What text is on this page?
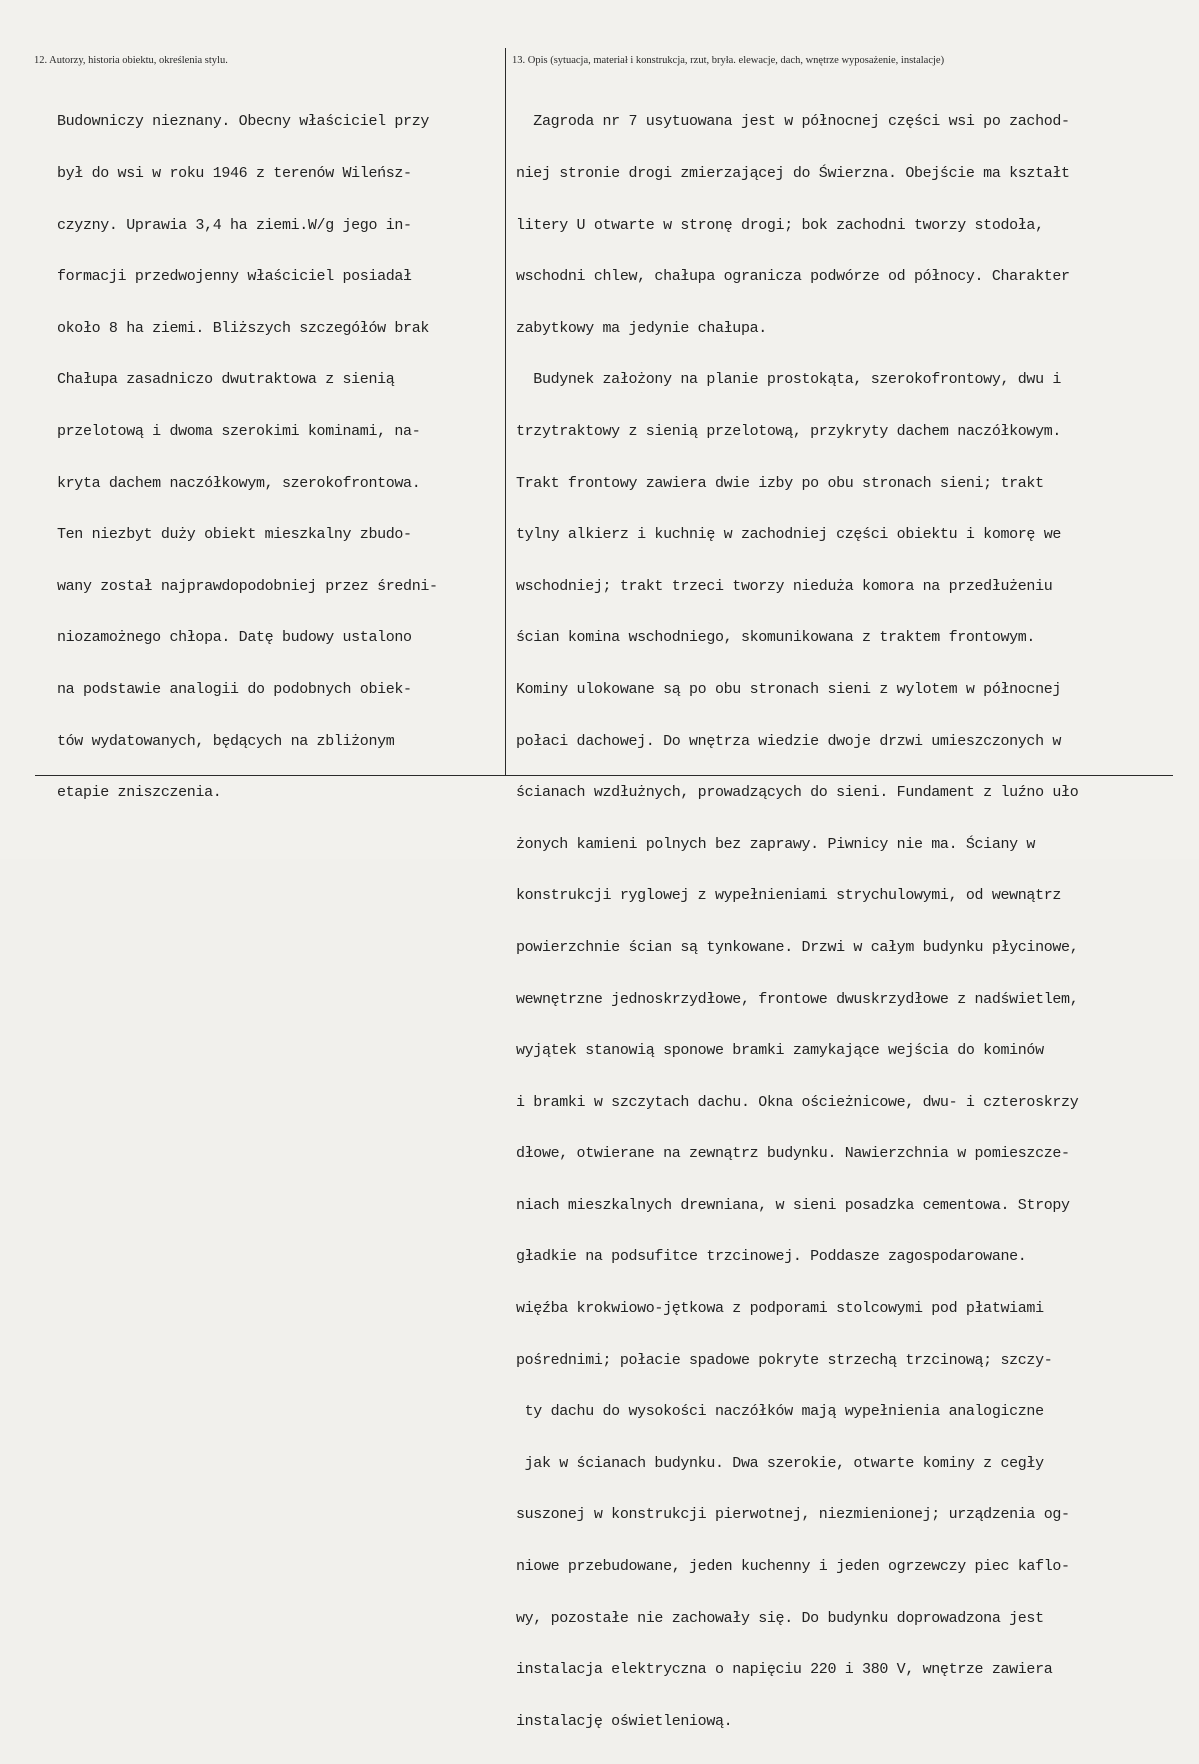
12. Autorzy, historia obiektu, określenia stylu.	13. Opis (sytuacja, materiał i konstrukcja, rzut, bryła. elewacje, dach, wnętrze wyposażenie, instalacje)

Budowniczy nieznany. Obecny właściciel przy

był do wsi w roku 1946 z terenów Wileńsz-

czyzny. Uprawia 3,4 ha ziemi.W/g jego in-

formacji przedwojenny właściciel posiadał

około 8 ha ziemi. Bliższych szczegółów brak

Chałupa zasadniczo dwutraktowa z sienią

przelotową i dwoma szerokimi kominami, na-

kryta dachem naczółkowym, szerokofrontowa.

Ten niezbyt duży obiekt mieszkalny zbudo-

wany został najprawdopodobniej przez średni-

niozamożnego chłopa. Datę budowy ustalono

na podstawie analogii do podobnych obiek-

tów wydatowanych, będących na zbliżonym

etapie zniszczenia.

Zagroda nr 7 usytuowana jest w północnej części wsi po zachod-

niej stronie drogi zmierzającej do Świerzna. Obejście ma kształt

litery U otwarte w stronę drogi; bok zachodni tworzy stodoła,

wschodni chlew, chałupa ogranicza podwórze od północy. Charakter

zabytkowy ma jedynie chałupa.

Budynek założony na planie prostokąta, szerokofrontowy, dwu i

trzytraktowy z sienią przelotową, przykryty dachem naczółkowym.

Trakt frontowy zawiera dwie izby po obu stronach sieni; trakt

tylny alkierz i kuchnię w zachodniej części obiektu i komorę we

wschodniej; trakt trzeci tworzy nieduża komora na przedłużeniu

ścian komina wschodniego, skomunikowana z traktem frontowym.

Kominy ulokowane są po obu stronach sieni z wylotem w północnej

połaci dachowej. Do wnętrza wiedzie dwoje drzwi umieszczonych w

ścianach wzdłużnych, prowadzących do sieni. Fundament z luźno uło

żonych kamieni polnych bez zaprawy. Piwnicy nie ma. Ściany w

konstrukcji ryglowej z wypełnieniami strychulowymi, od wewnątrz

powierzchnie ścian są tynkowane. Drzwi w całym budynku płycinowe,

wewnętrzne jednoskrzydłowe, frontowe dwuskrzydłowe z nadświetlem,

wyjątek stanowią sponowe bramki zamykające wejścia do kominów

i bramki w szczytach dachu. Okna ościeżnicowe, dwu- i czteroskrzy

dłowe, otwierane na zewnątrz budynku. Nawierzchnia w pomieszcze-

niach mieszkalnych drewniana, w sieni posadzka cementowa. Stropy

gładkie na podsufitce trzcinowej. Poddasze zagospodarowane.

więźba krokwiowo-jętkowa z podporami stolcowymi pod płatwiami

pośrednimi; połacie spadowe pokryte strzechą trzcinową; szczy-

ty dachu do wysokości naczółków mają wypełnienia analogiczne

jak w ścianach budynku. Dwa szerokie, otwarte kominy z cegły

suszonej w konstrukcji pierwotnej, niezmienionej; urządzenia og-

niowe przebudowane, jeden kuchenny i jeden ogrzewczy piec kaflo-

wy, pozostałe nie zachowały się. Do budynku doprowadzona jest

instalacja elektryczna o napięciu 220 i 380 V, wnętrze zawiera

instalację oświetleniową.
